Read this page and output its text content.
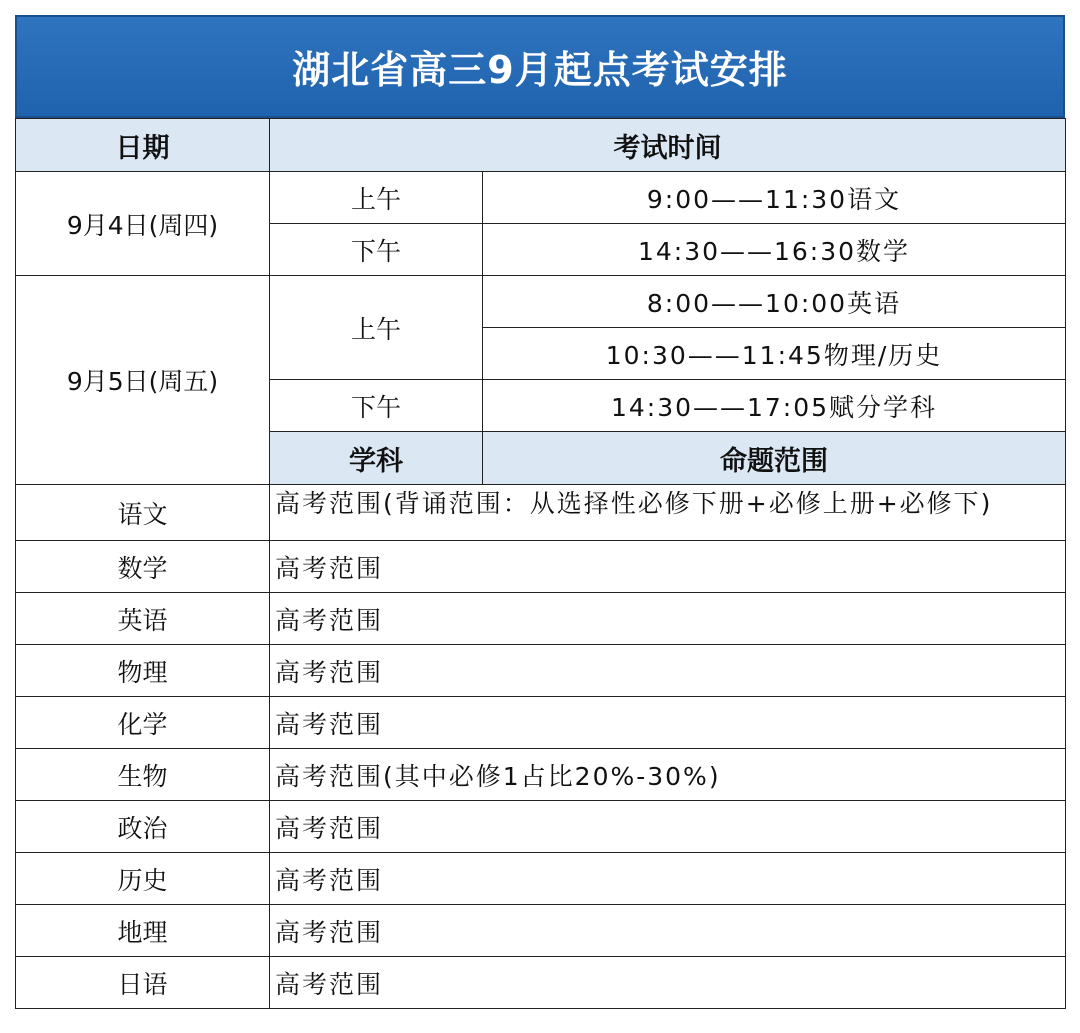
湖北省高三9月起点考试安排
日期	考试时间	
9月4日(周四)	上午	9:00——11:30语文
	下午	14:30——16:30数学
9月5日(周五)	上午	8:00——10:00英语
		10:30——11:45物理/历史
	下午	14:30——17:05赋分学科
	学科	命题范围
语文	高考范围(背诵范围：从选择性必修下册+必修上册+必修下)	

数学	高考范围	
英语	高考范围	
物理	高考范围	
化学	高考范围	
生物	高考范围(其中必修1占比20%-30%)	
政治	高考范围	
历史	高考范围	
地理	高考范围	
日语	高考范围	
